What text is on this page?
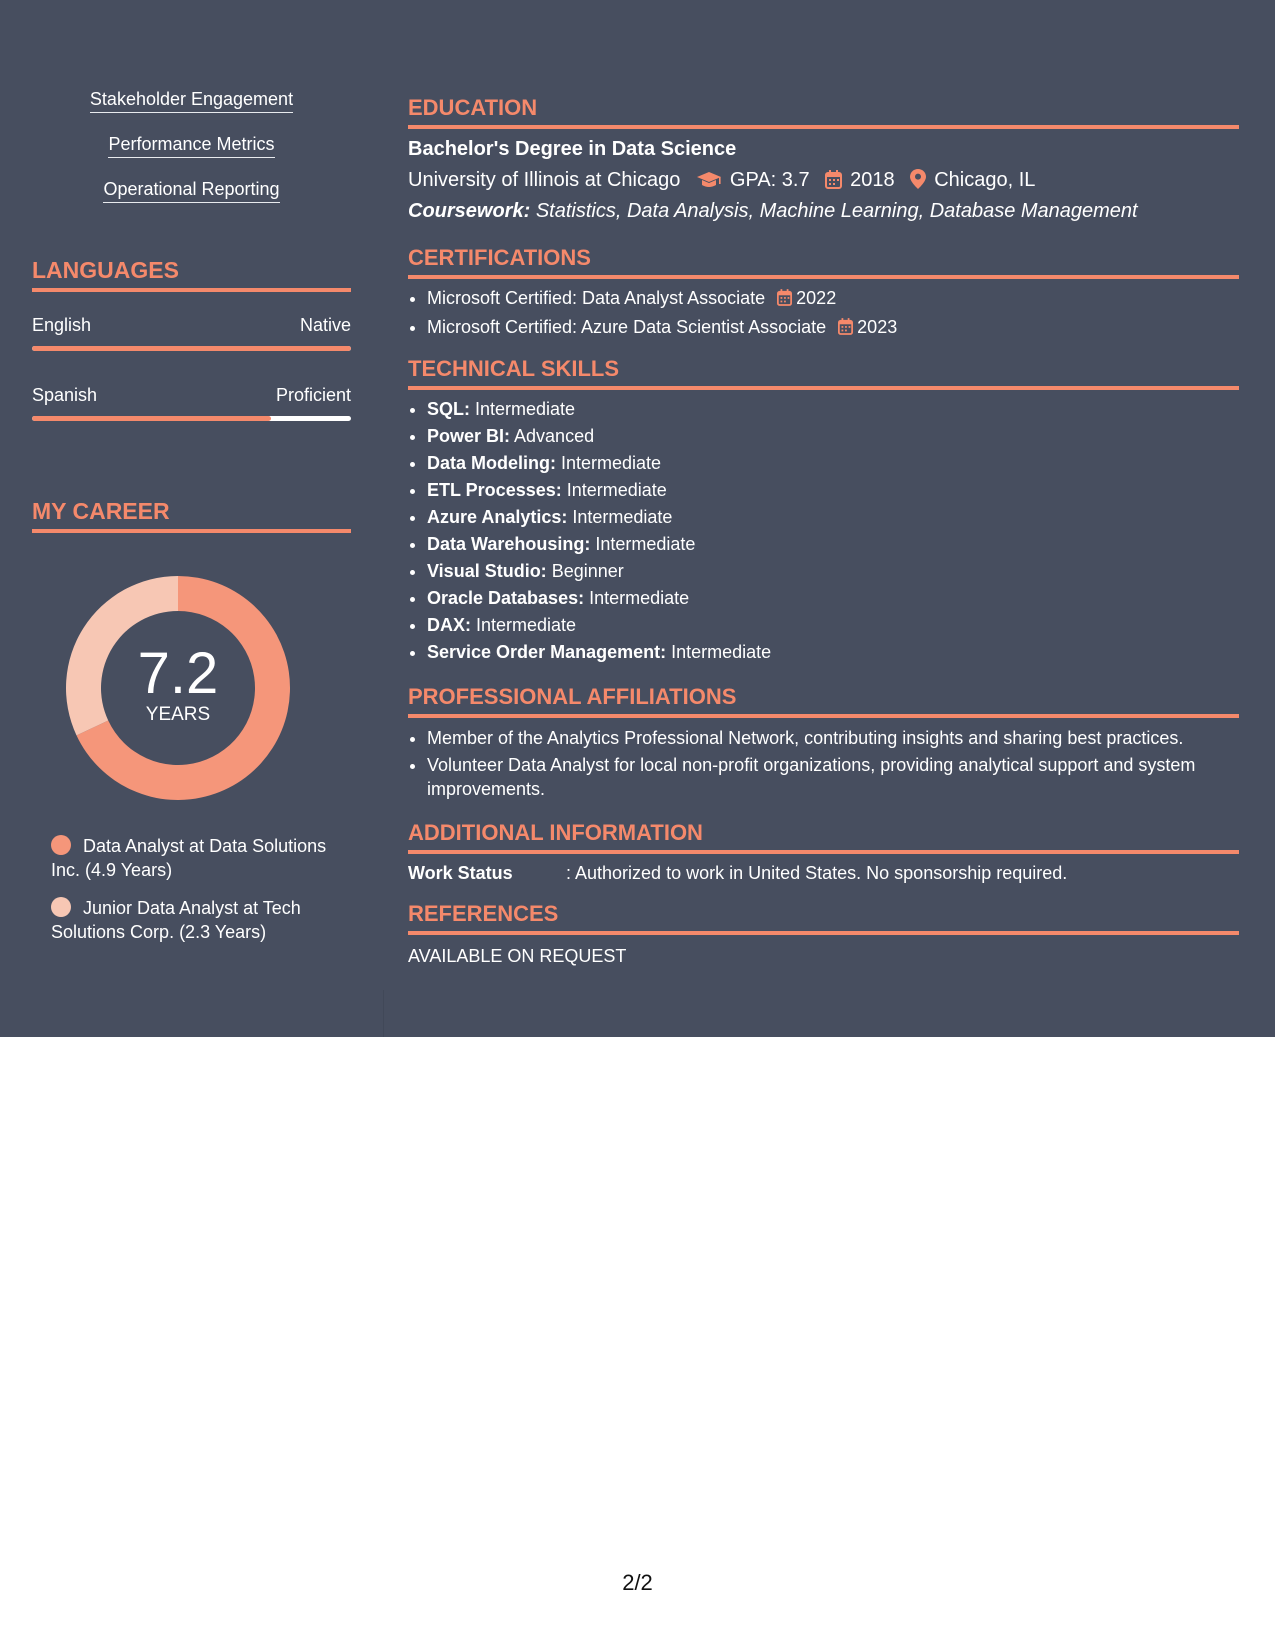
Stakeholder Engagement
Performance Metrics
Operational Reporting
LANGUAGES
English	Native
Spanish	Proficient
MY CAREER
7.2
YEARS
Data Analyst at Data Solutions Inc. (4.9 Years)
Junior Data Analyst at Tech Solutions Corp. (2.3 Years)
EDUCATION
Bachelor's Degree in Data Science
University of Illinois at Chicago GPA: 3.7 2018 Chicago, IL
Coursework: Statistics, Data Analysis, Machine Learning, Database Management
CERTIFICATIONS
• Microsoft Certified: Data Analyst Associate 2022
• Microsoft Certified: Azure Data Scientist Associate 2023
TECHNICAL SKILLS
• SQL: Intermediate
• Power BI: Advanced
• Data Modeling: Intermediate
• ETL Processes: Intermediate
• Azure Analytics: Intermediate
• Data Warehousing: Intermediate
• Visual Studio: Beginner
• Oracle Databases: Intermediate
• DAX: Intermediate
• Service Order Management: Intermediate
PROFESSIONAL AFFILIATIONS
• Member of the Analytics Professional Network, contributing insights and sharing best practices.
• Volunteer Data Analyst for local non-profit organizations, providing analytical support and system improvements.
ADDITIONAL INFORMATION
Work Status	: Authorized to work in United States. No sponsorship required.
REFERENCES
AVAILABLE ON REQUEST
2/2
